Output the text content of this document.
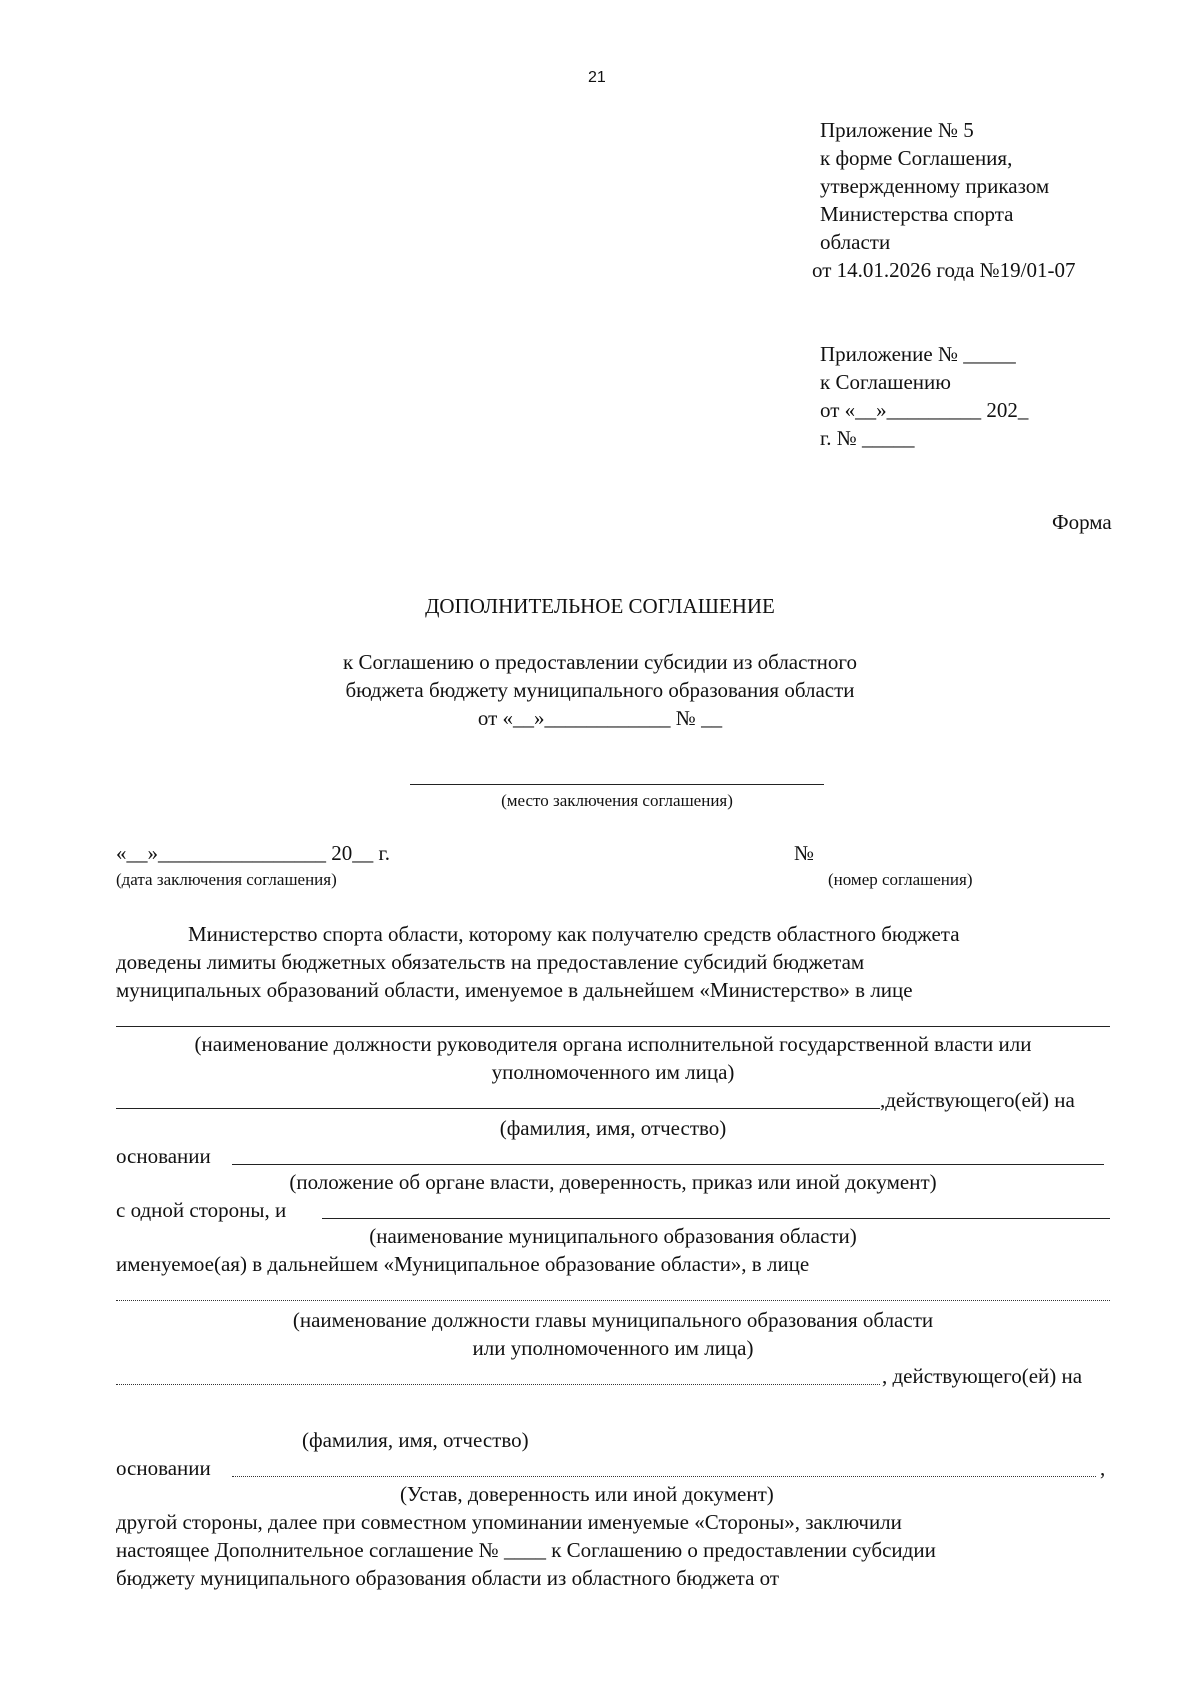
21
Приложение № 5
к форме Соглашения,
утвержденному приказом
Министерства спорта
области
от 14.01.2026 года №19/01-07
Приложение № _____
к Соглашению
от «__»_________ 202_
г. № _____
Форма
ДОПОЛНИТЕЛЬНОЕ СОГЛАШЕНИЕ
к Соглашению о предоставлении субсидии из областного
бюджета бюджету муниципального образования области
от «__»____________ № __
(место заключения соглашения)
«__»________________ 20__ г.	№
(дата заключения соглашения)	(номер соглашения)
Министерство спорта области, которому как получателю средств областного бюджета
доведены лимиты бюджетных обязательств на предоставление субсидий бюджетам
муниципальных образований области, именуемое в дальнейшем «Министерство» в лице
(наименование должности руководителя органа исполнительной государственной власти или
уполномоченного им лица)
,действующего(ей) на
(фамилия, имя, отчество)
основании
(положение об органе власти, доверенность, приказ или иной документ)
с одной стороны, и
(наименование муниципального образования области)
именуемое(ая) в дальнейшем «Муниципальное образование области», в лице
(наименование должности главы муниципального образования области
или уполномоченного им лица)
, действующего(ей) на
(фамилия, имя, отчество)
основании	,
(Устав, доверенность или иной документ)
другой стороны, далее при совместном упоминании именуемые «Стороны», заключили
настоящее Дополнительное соглашение № ____ к Соглашению о предоставлении субсидии
бюджету муниципального образования области из областного бюджета от
